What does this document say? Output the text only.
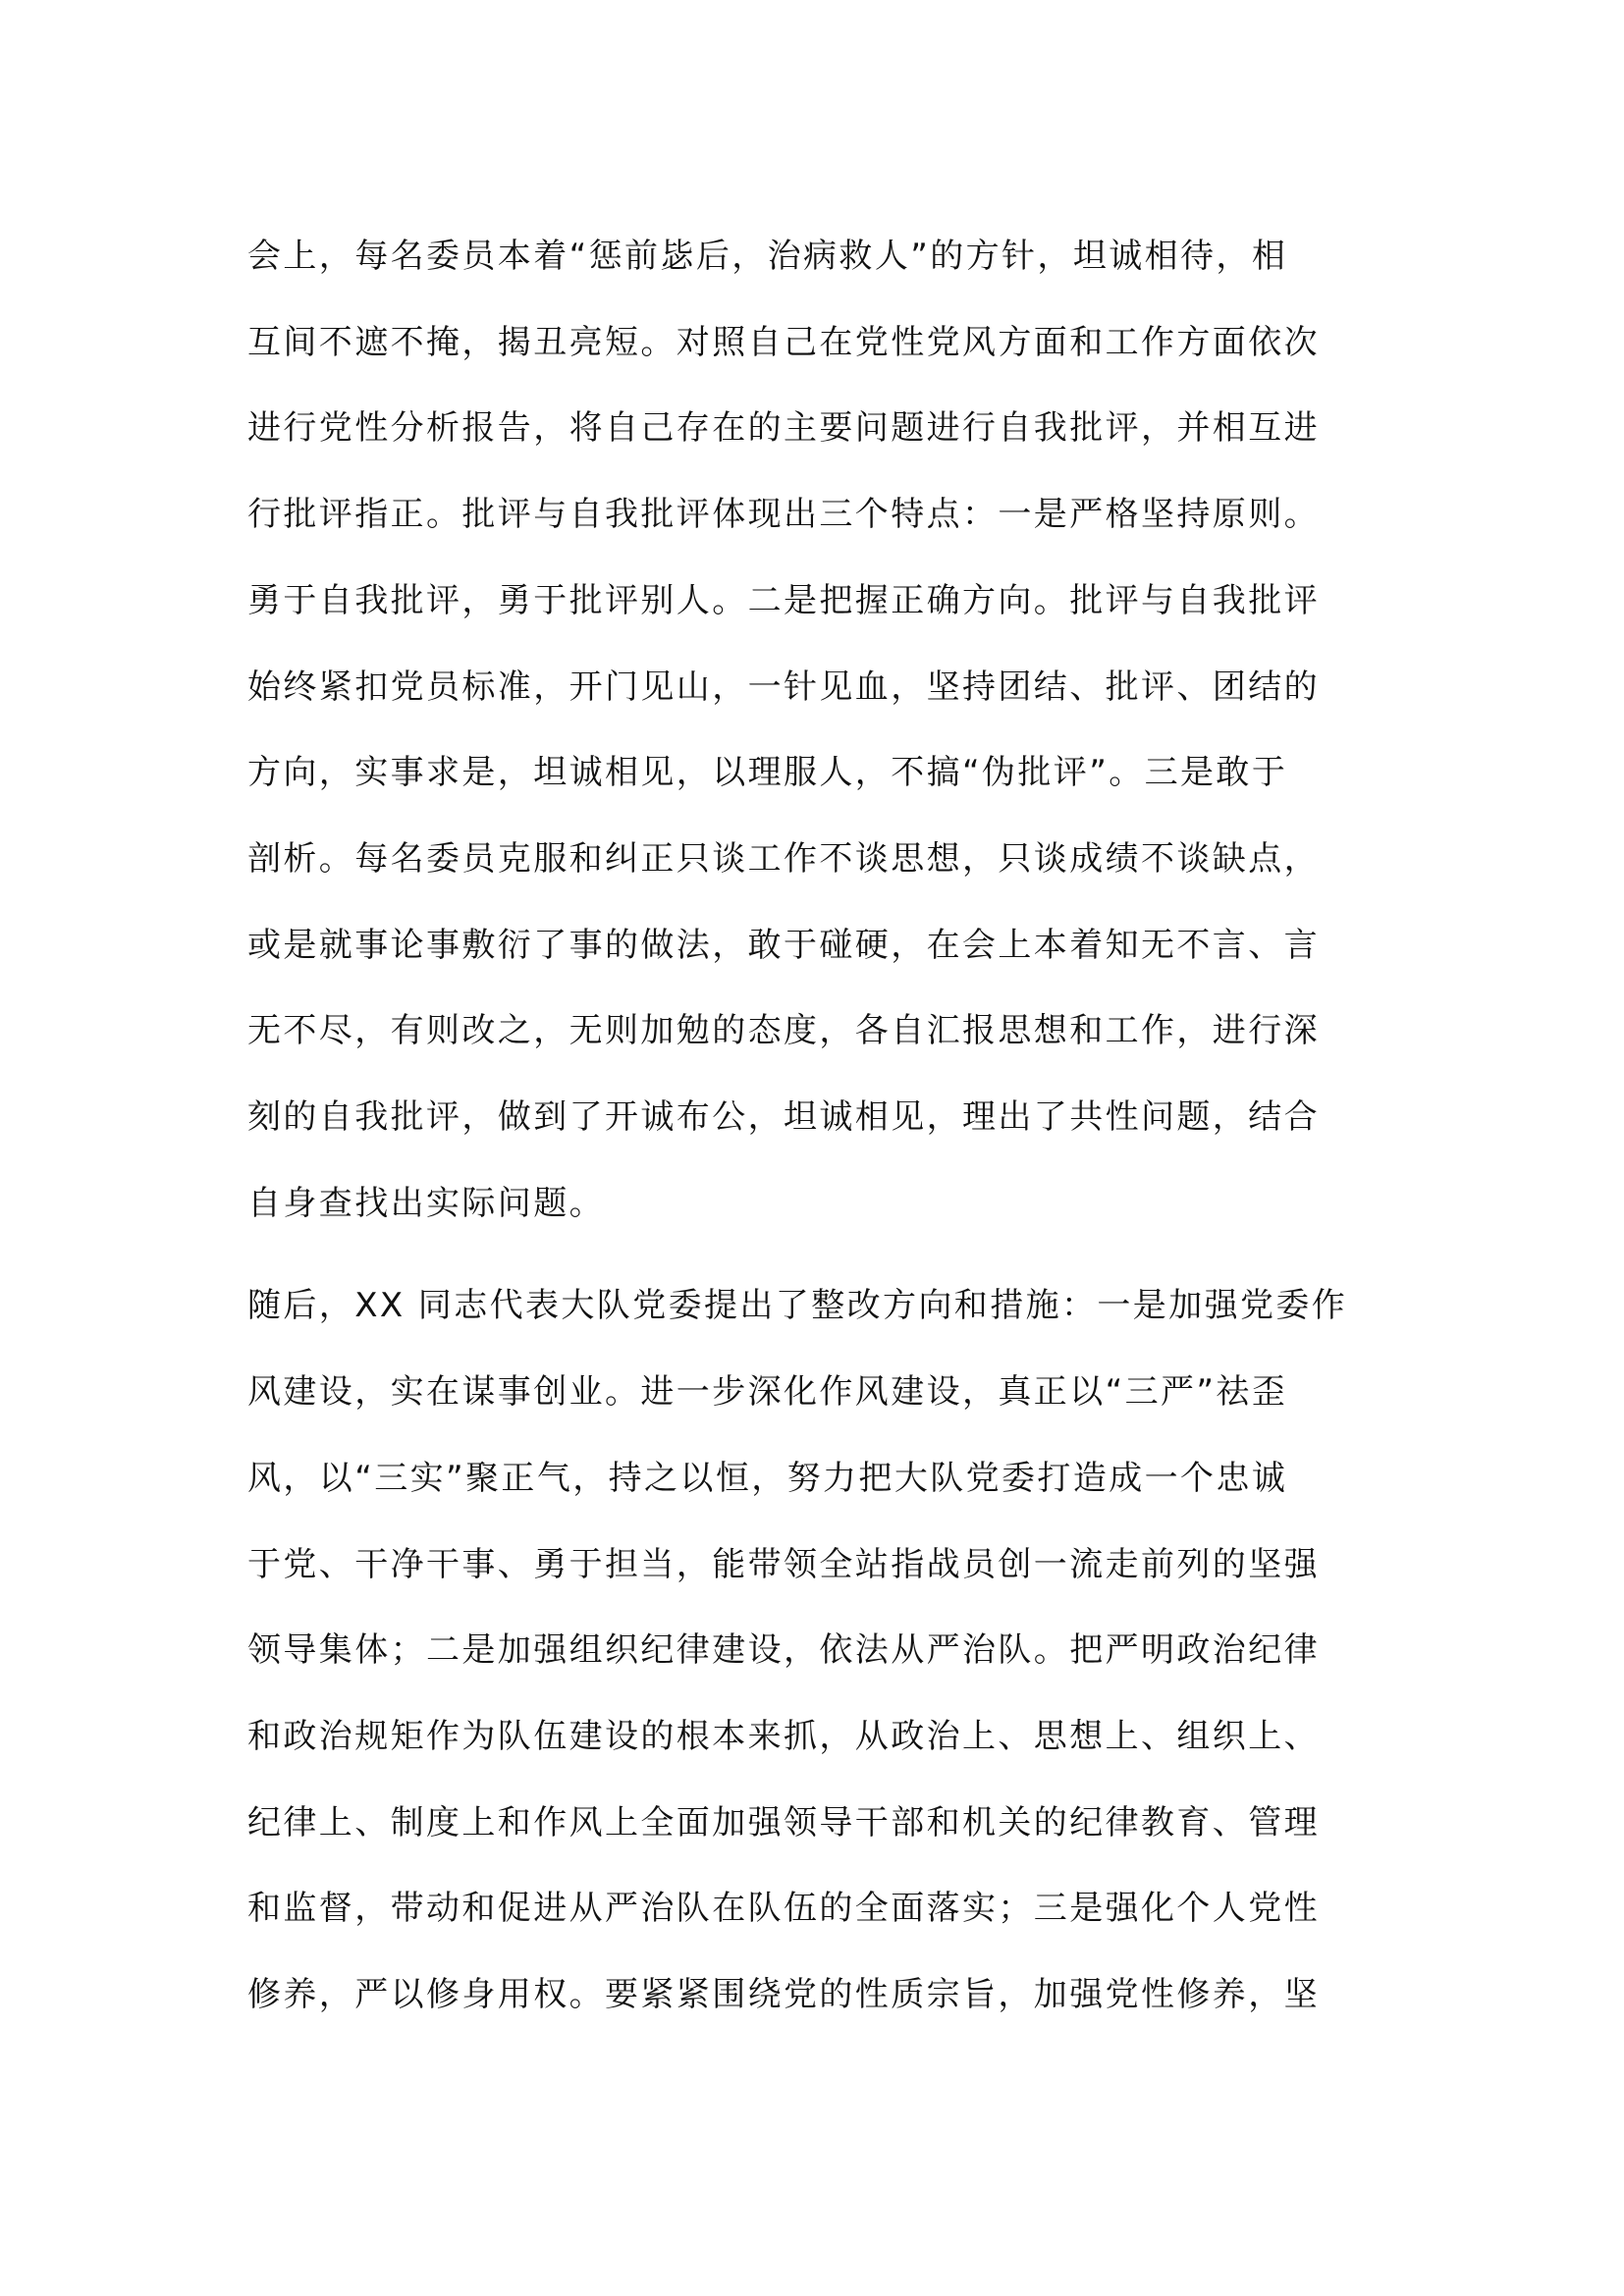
会上，每名委员本着“惩前毖后，治病救人”的方针，坦诚相待，相
互间不遮不掩，揭丑亮短。对照自己在党性党风方面和工作方面依次
进行党性分析报告，将自己存在的主要问题进行自我批评，并相互进
行批评指正。批评与自我批评体现出三个特点：一是严格坚持原则。
勇于自我批评，勇于批评别人。二是把握正确方向。批评与自我批评
始终紧扣党员标准，开门见山，一针见血，坚持团结、批评、团结的
方向，实事求是，坦诚相见，以理服人，不搞“伪批评”。三是敢于
剖析。每名委员克服和纠正只谈工作不谈思想，只谈成绩不谈缺点，
或是就事论事敷衍了事的做法，敢于碰硬，在会上本着知无不言、言
无不尽，有则改之，无则加勉的态度，各自汇报思想和工作，进行深
刻的自我批评，做到了开诚布公，坦诚相见，理出了共性问题，结合
自身查找出实际问题。
随后，XX 同志代表大队党委提出了整改方向和措施：一是加强党委作
风建设，实在谋事创业。进一步深化作风建设，真正以“三严”祛歪
风，以“三实”聚正气，持之以恒，努力把大队党委打造成一个忠诚
于党、干净干事、勇于担当，能带领全站指战员创一流走前列的坚强
领导集体；二是加强组织纪律建设，依法从严治队。把严明政治纪律
和政治规矩作为队伍建设的根本来抓，从政治上、思想上、组织上、
纪律上、制度上和作风上全面加强领导干部和机关的纪律教育、管理
和监督，带动和促进从严治队在队伍的全面落实；三是强化个人党性
修养，严以修身用权。要紧紧围绕党的性质宗旨，加强党性修养，坚
